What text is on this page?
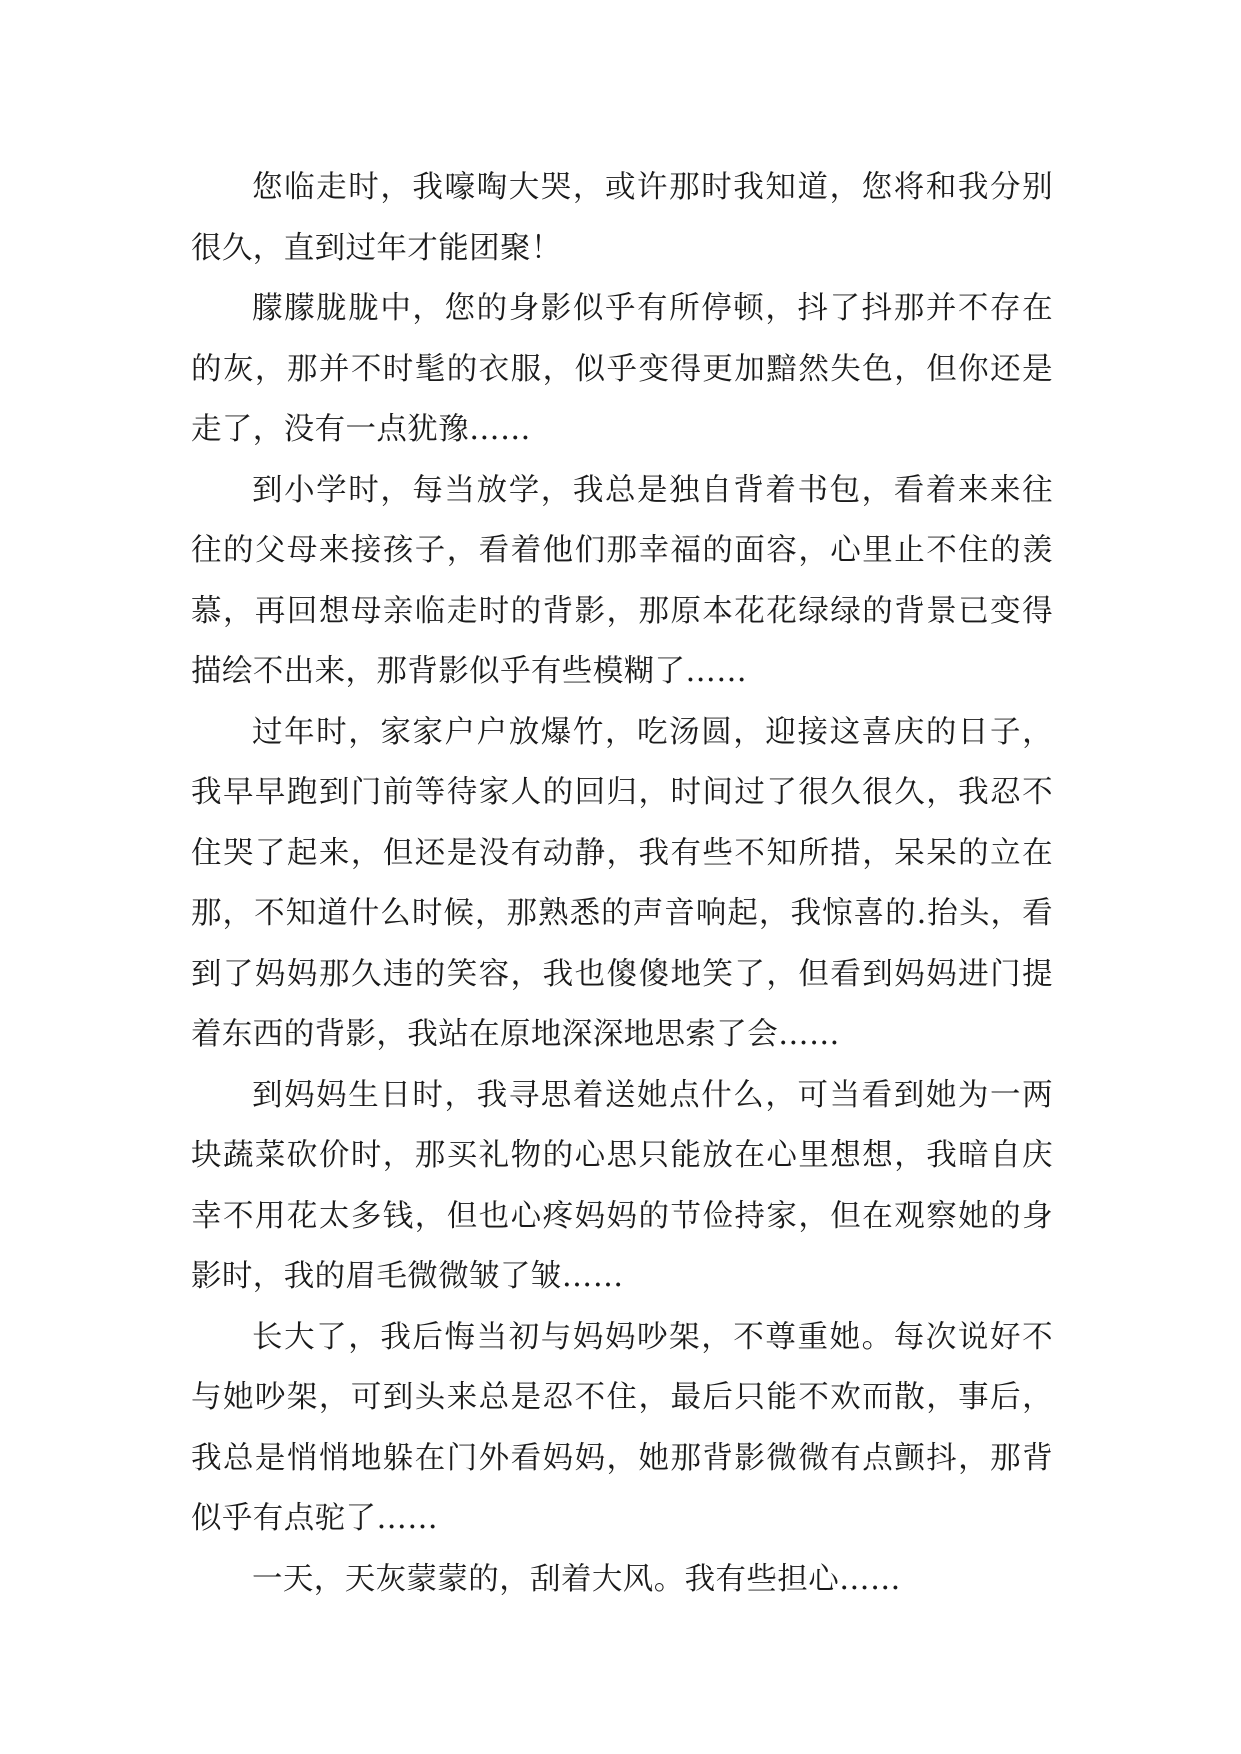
您临走时，我嚎啕大哭，或许那时我知道，您将和我分别很久，直到过年才能团聚！

朦朦胧胧中，您的身影似乎有所停顿，抖了抖那并不存在的灰，那并不时髦的衣服，似乎变得更加黯然失色，但你还是走了，没有一点犹豫……

到小学时，每当放学，我总是独自背着书包，看着来来往往的父母来接孩子，看着他们那幸福的面容，心里止不住的羡慕，再回想母亲临走时的背影，那原本花花绿绿的背景已变得描绘不出来，那背影似乎有些模糊了……

过年时，家家户户放爆竹，吃汤圆，迎接这喜庆的日子，我早早跑到门前等待家人的回归，时间过了很久很久，我忍不住哭了起来，但还是没有动静，我有些不知所措，呆呆的立在那，不知道什么时候，那熟悉的声音响起，我惊喜的.抬头，看到了妈妈那久违的笑容，我也傻傻地笑了，但看到妈妈进门提着东西的背影，我站在原地深深地思索了会……

到妈妈生日时，我寻思着送她点什么，可当看到她为一两块蔬菜砍价时，那买礼物的心思只能放在心里想想，我暗自庆幸不用花太多钱，但也心疼妈妈的节俭持家，但在观察她的身影时，我的眉毛微微皱了皱……

长大了，我后悔当初与妈妈吵架，不尊重她。每次说好不与她吵架，可到头来总是忍不住，最后只能不欢而散，事后，我总是悄悄地躲在门外看妈妈，她那背影微微有点颤抖，那背似乎有点驼了……

一天，天灰蒙蒙的，刮着大风。我有些担心……
